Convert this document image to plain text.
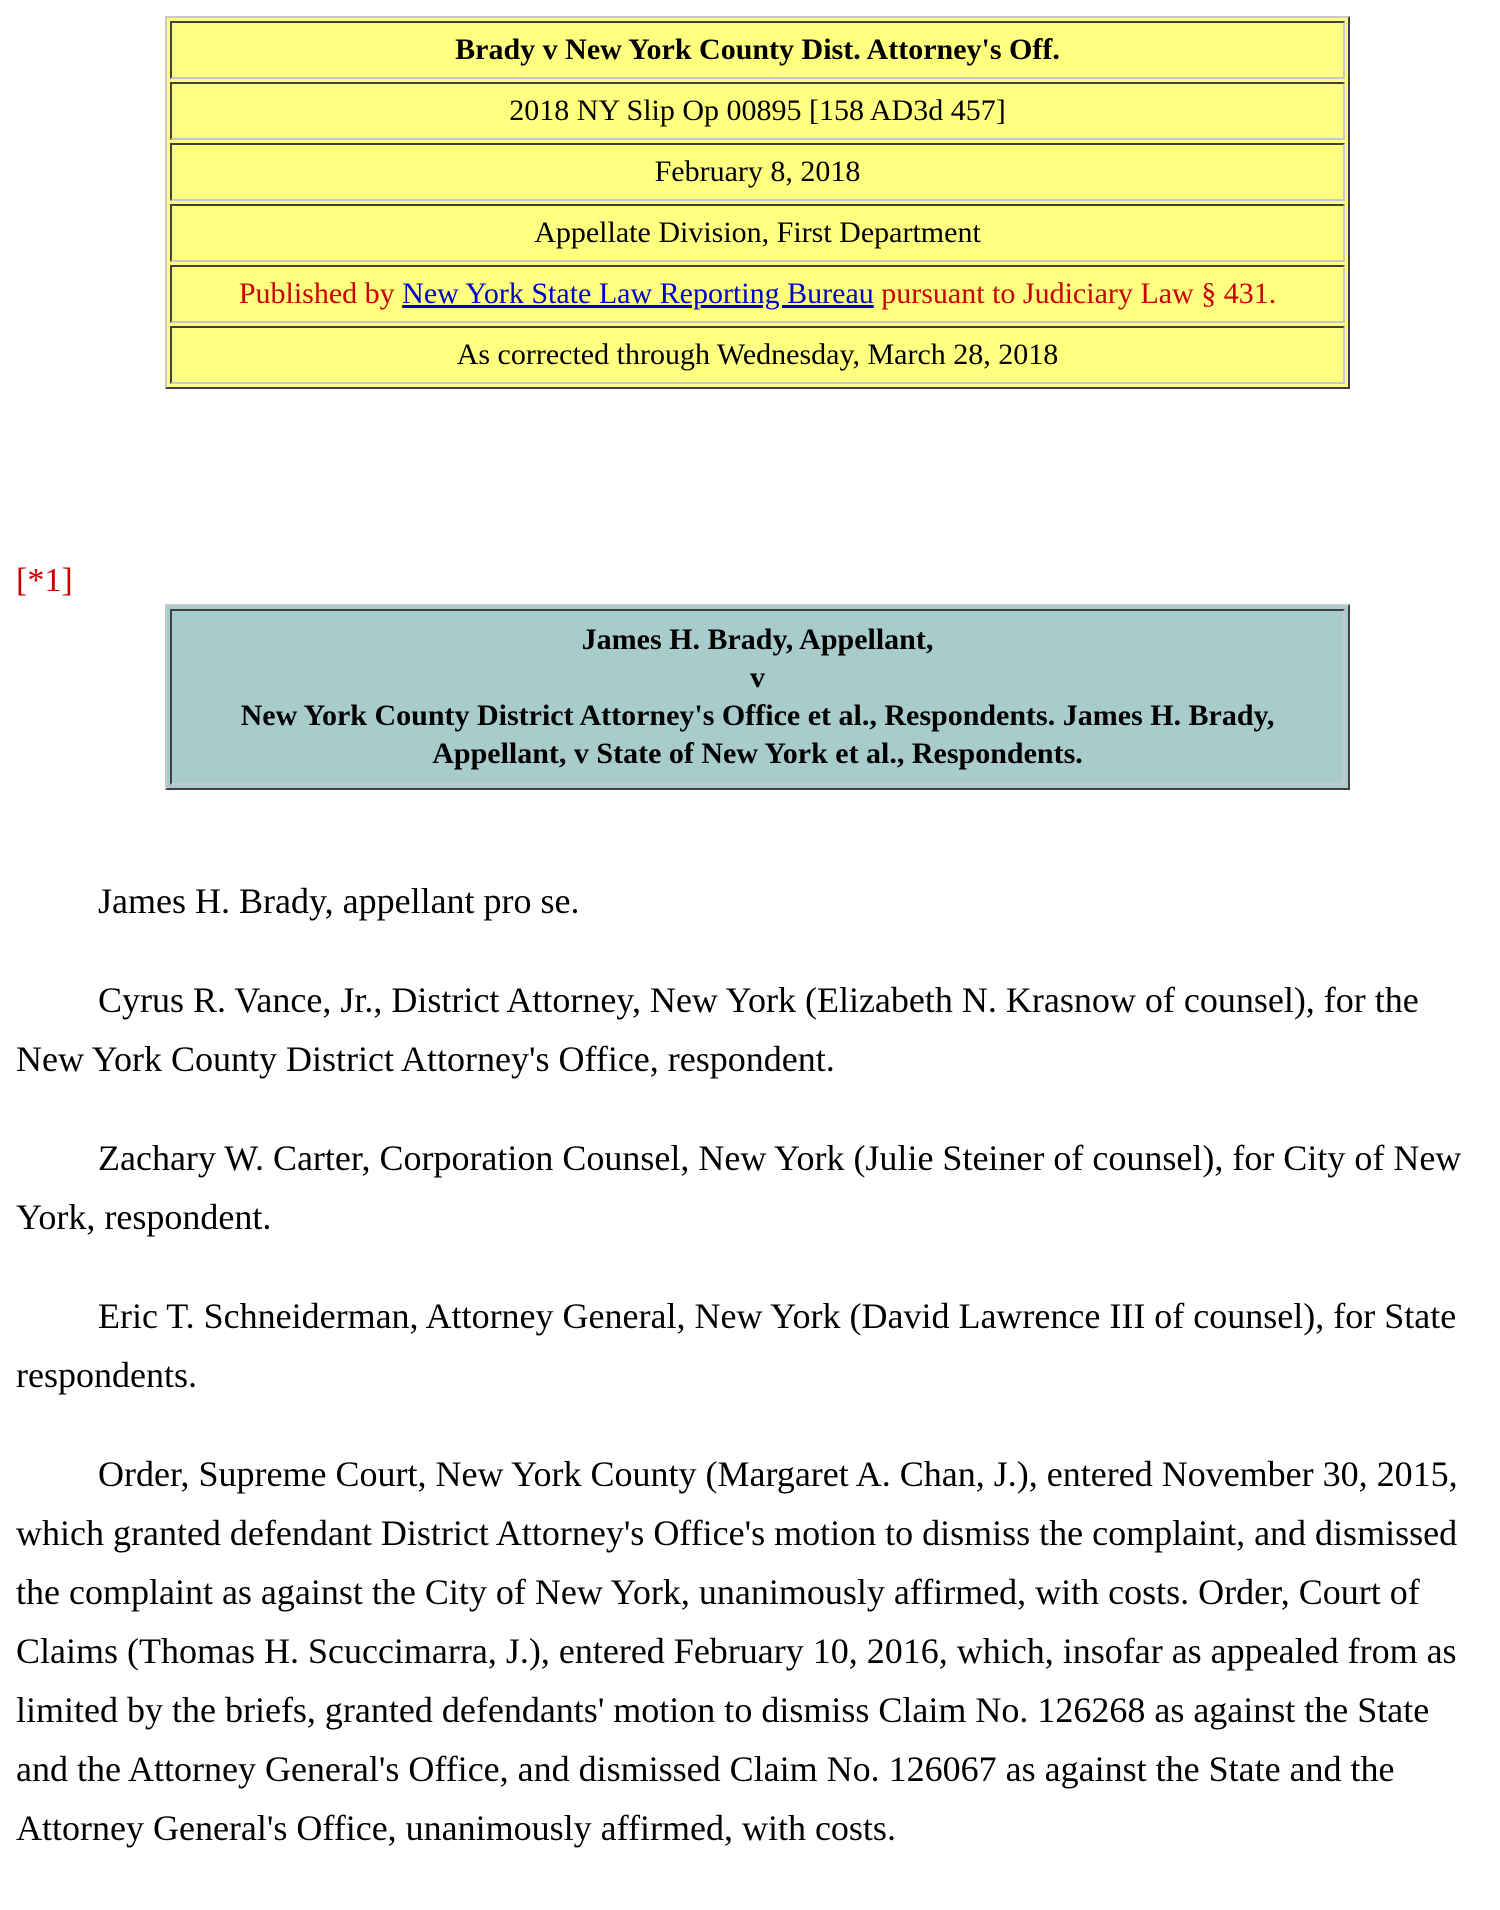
Brady v New York County Dist. Attorney's Off.
2018 NY Slip Op 00895 [158 AD3d 457]
February 8, 2018
Appellate Division, First Department
Published by New York State Law Reporting Bureau pursuant to Judiciary Law § 431.
As corrected through Wednesday, March 28, 2018
[*1]
James H. Brady, Appellant,
v
New York County District Attorney's Office et al., Respondents. James H. Brady, Appellant, v State of New York et al., Respondents.

James H. Brady, appellant pro se.

Cyrus R. Vance, Jr., District Attorney, New York (Elizabeth N. Krasnow of counsel), for the New York County District Attorney's Office, respondent.

Zachary W. Carter, Corporation Counsel, New York (Julie Steiner of counsel), for City of New York, respondent.

Eric T. Schneiderman, Attorney General, New York (David Lawrence III of counsel), for State respondents.

Order, Supreme Court, New York County (Margaret A. Chan, J.), entered November 30, 2015, which granted defendant District Attorney's Office's motion to dismiss the complaint, and dismissed the complaint as against the City of New York, unanimously affirmed, with costs. Order, Court of Claims (Thomas H. Scuccimarra, J.), entered February 10, 2016, which, insofar as appealed from as limited by the briefs, granted defendants' motion to dismiss Claim No. 126268 as against the State and the Attorney General's Office, and dismissed Claim No. 126067 as against the State and the Attorney General's Office, unanimously affirmed, with costs.
